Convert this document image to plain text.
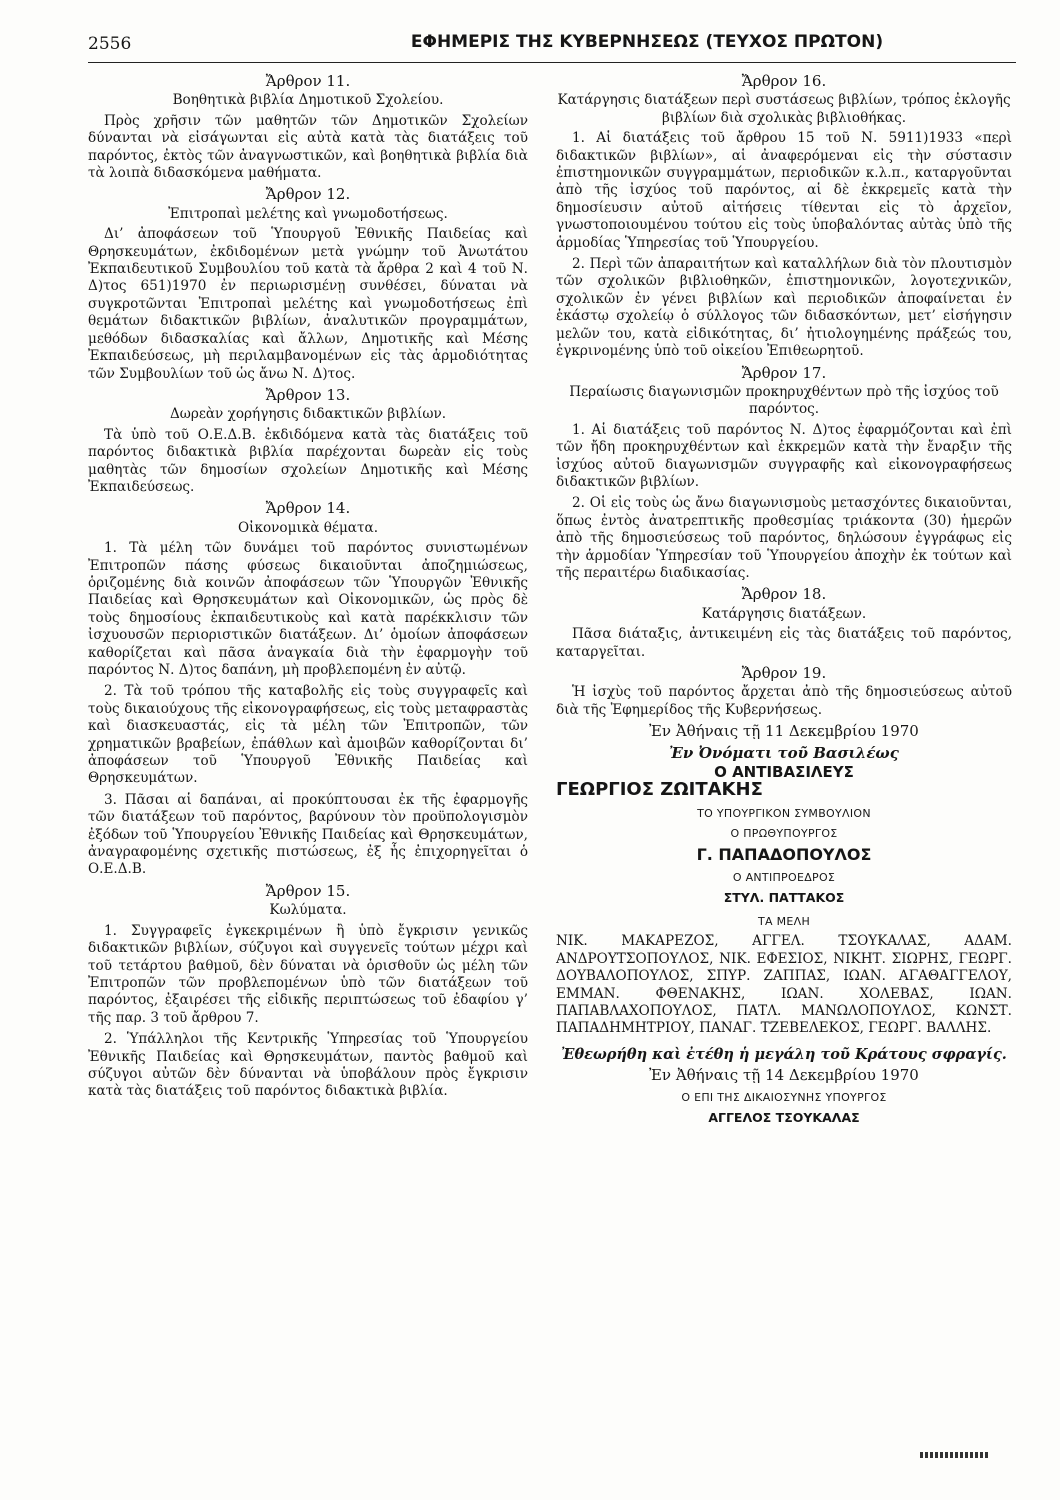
2556	ΕΦΗΜΕΡΙΣ ΤΗΣ ΚΥΒΕΡΝΗΣΕΩΣ (ΤΕΥΧΟΣ ΠΡΩΤΟΝ)
Ἄρθρον 11.
Βοηθητικὰ βιβλία Δημοτικοῦ Σχολείου.

Πρὸς χρῆσιν τῶν μαθητῶν τῶν Δημοτικῶν Σχολείων δύνανται νὰ εἰσάγωνται εἰς αὐτὰ κατὰ τὰς διατάξεις τοῦ παρόντος, ἐκτὸς τῶν ἀναγνωστικῶν, καὶ βοηθητικὰ βιβλία διὰ τὰ λοιπὰ διδασκόμενα μαθήματα.

Ἄρθρον 12.
Ἐπιτροπαὶ μελέτης καὶ γνωμοδοτήσεως.

Δι’ ἀποφάσεων τοῦ Ὑπουργοῦ Ἐθνικῆς Παιδείας καὶ Θρησκευμάτων, ἐκδιδομένων μετὰ γνώμην τοῦ Ἀνωτάτου Ἐκπαιδευτικοῦ Συμβουλίου τοῦ κατὰ τὰ ἄρθρα 2 καὶ 4 τοῦ Ν. Δ)τος 651)1970 ἐν περιωρισμένῃ συνθέσει, δύναται νὰ συγκροτῶνται Ἐπιτροπαὶ μελέτης καὶ γνωμοδοτήσεως ἐπὶ θεμάτων διδακτικῶν βιβλίων, ἀναλυτικῶν προγραμμάτων, μεθόδων διδασκαλίας καὶ ἄλλων, Δημοτικῆς καὶ Μέσης Ἐκπαιδεύσεως, μὴ περιλαμβανομένων εἰς τὰς ἁρμοδιότητας τῶν Συμβουλίων τοῦ ὡς ἄνω Ν. Δ)τος.

Ἄρθρον 13.
Δωρεὰν χορήγησις διδακτικῶν βιβλίων.

Τὰ ὑπὸ τοῦ Ο.Ε.Δ.Β. ἐκδιδόμενα κατὰ τὰς διατάξεις τοῦ παρόντος διδακτικὰ βιβλία παρέχονται δωρεὰν εἰς τοὺς μαθητὰς τῶν δημοσίων σχολείων Δημοτικῆς καὶ Μέσης Ἐκπαιδεύσεως.

Ἄρθρον 14.
Οἰκονομικὰ θέματα.

1. Τὰ μέλη τῶν δυνάμει τοῦ παρόντος συνιστωμένων Ἐπιτροπῶν πάσης φύσεως δικαιοῦνται ἀποζημιώσεως, ὁριζομένης διὰ κοινῶν ἀποφάσεων τῶν Ὑπουργῶν Ἐθνικῆς Παιδείας καὶ Θρησκευμάτων καὶ Οἰκονομικῶν, ὡς πρὸς δὲ τοὺς δημοσίους ἐκπαιδευτικοὺς καὶ κατὰ παρέκκλισιν τῶν ἰσχυουσῶν περιοριστικῶν διατάξεων. Δι’ ὁμοίων ἀποφάσεων καθορίζεται καὶ πᾶσα ἀναγκαία διὰ τὴν ἐφαρμογὴν τοῦ παρόντος Ν. Δ)τος δαπάνη, μὴ προβλεπομένη ἐν αὐτῷ.

2. Τὰ τοῦ τρόπου τῆς καταβολῆς εἰς τοὺς συγγραφεῖς καὶ τοὺς δικαιούχους τῆς εἰκονογραφήσεως, εἰς τοὺς μεταφραστὰς καὶ διασκευαστάς, εἰς τὰ μέλη τῶν Ἐπιτροπῶν, τῶν χρηματικῶν βραβείων, ἐπάθλων καὶ ἀμοιβῶν καθορίζονται δι’ ἀποφάσεων τοῦ Ὑπουργοῦ Ἐθνικῆς Παιδείας καὶ Θρησκευμάτων.

3. Πᾶσαι αἱ δαπάναι, αἱ προκύπτουσαι ἐκ τῆς ἐφαρμογῆς τῶν διατάξεων τοῦ παρόντος, βαρύνουν τὸν προϋπολογισμὸν ἐξόδων τοῦ Ὑπουργείου Ἐθνικῆς Παιδείας καὶ Θρησκευμάτων, ἀναγραφομένης σχετικῆς πιστώσεως, ἐξ ἧς ἐπιχορηγεῖται ὁ Ο.Ε.Δ.Β.

Ἄρθρον 15.
Κωλύματα.

1. Συγγραφεῖς ἐγκεκριμένων ἢ ὑπὸ ἔγκρισιν γενικῶς διδακτικῶν βιβλίων, σύζυγοι καὶ συγγενεῖς τούτων μέχρι καὶ τοῦ τετάρτου βαθμοῦ, δὲν δύναται νὰ ὁρισθοῦν ὡς μέλη τῶν Ἐπιτροπῶν τῶν προβλεπομένων ὑπὸ τῶν διατάξεων τοῦ παρόντος, ἐξαιρέσει τῆς εἰδικῆς περιπτώσεως τοῦ ἐδαφίου γ’ τῆς παρ. 3 τοῦ ἄρθρου 7.

2. Ὑπάλληλοι τῆς Κεντρικῆς Ὑπηρεσίας τοῦ Ὑπουργείου Ἐθνικῆς Παιδείας καὶ Θρησκευμάτων, παντὸς βαθμοῦ καὶ σύζυγοι αὐτῶν δὲν δύνανται νὰ ὑποβάλουν πρὸς ἔγκρισιν κατὰ τὰς διατάξεις τοῦ παρόντος διδακτικὰ βιβλία.

Ἄρθρον 16.
Κατάργησις διατάξεων περὶ συστάσεως βιβλίων, τρόπος ἐκλογῆς βιβλίων διὰ σχολικὰς βιβλιοθήκας.

1. Αἱ διατάξεις τοῦ ἄρθρου 15 τοῦ Ν. 5911)1933 «περὶ διδακτικῶν βιβλίων», αἱ ἀναφερόμεναι εἰς τὴν σύστασιν ἐπιστημονικῶν συγγραμμάτων, περιοδικῶν κ.λ.π., καταργοῦνται ἀπὸ τῆς ἰσχύος τοῦ παρόντος, αἱ δὲ ἐκκρεμεῖς κατὰ τὴν δημοσίευσιν αὐτοῦ αἰτήσεις τίθενται εἰς τὸ ἀρχεῖον, γνωστοποιουμένου τούτου εἰς τοὺς ὑποβαλόντας αὐτὰς ὑπὸ τῆς ἁρμοδίας Ὑπηρεσίας τοῦ Ὑπουργείου.

2. Περὶ τῶν ἀπαραιτήτων καὶ καταλλήλων διὰ τὸν πλουτισμὸν τῶν σχολικῶν βιβλιοθηκῶν, ἐπιστημονικῶν, λογοτεχνικῶν, σχολικῶν ἐν γένει βιβλίων καὶ περιοδικῶν ἀποφαίνεται ἐν ἑκάστῳ σχολείῳ ὁ σύλλογος τῶν διδασκόντων, μετ’ εἰσήγησιν μελῶν του, κατὰ εἰδικότητας, δι’ ἠτιολογημένης πράξεώς του, ἐγκρινομένης ὑπὸ τοῦ οἰκείου Ἐπιθεωρητοῦ.

Ἄρθρον 17.
Περαίωσις διαγωνισμῶν προκηρυχθέντων πρὸ τῆς ἰσχύος τοῦ παρόντος.

1. Αἱ διατάξεις τοῦ παρόντος Ν. Δ)τος ἐφαρμόζονται καὶ ἐπὶ τῶν ἤδη προκηρυχθέντων καὶ ἐκκρεμῶν κατὰ τὴν ἔναρξιν τῆς ἰσχύος αὐτοῦ διαγωνισμῶν συγγραφῆς καὶ εἰκονογραφήσεως διδακτικῶν βιβλίων.

2. Οἱ εἰς τοὺς ὡς ἄνω διαγωνισμοὺς μετασχόντες δικαιοῦνται, ὅπως ἐντὸς ἀνατρεπτικῆς προθεσμίας τριάκοντα (30) ἡμερῶν ἀπὸ τῆς δημοσιεύσεως τοῦ παρόντος, δηλώσουν ἐγγράφως εἰς τὴν ἁρμοδίαν Ὑπηρεσίαν τοῦ Ὑπουργείου ἀποχὴν ἐκ τούτων καὶ τῆς περαιτέρω διαδικασίας.

Ἄρθρον 18.
Κατάργησις διατάξεων.

Πᾶσα διάταξις, ἀντικειμένη εἰς τὰς διατάξεις τοῦ παρόντος, καταργεῖται.

Ἄρθρον 19.

Ἡ ἰσχὺς τοῦ παρόντος ἄρχεται ἀπὸ τῆς δημοσιεύσεως αὐτοῦ διὰ τῆς Ἐφημερίδος τῆς Κυβερνήσεως.

Ἐν Ἀθήναις τῇ 11 Δεκεμβρίου 1970
Ἐν Ὀνόματι τοῦ Βασιλέως
Ο ΑΝΤΙΒΑΣΙΛΕΥΣ
ΓΕΩΡΓΙΟΣ ΖΩΙΤΑΚΗΣ
ΤΟ ΥΠΟΥΡΓΙΚΟΝ ΣΥΜΒΟΥΛΙΟΝ
Ο ΠΡΩΘΥΠΟΥΡΓΟΣ
Γ. ΠΑΠΑΔΟΠΟΥΛΟΣ
Ο ΑΝΤΙΠΡΟΕΔΡΟΣ
ΣΤΥΛ. ΠΑΤΤΑΚΟΣ
ΤΑ ΜΕΛΗ

ΝΙΚ. ΜΑΚΑΡΕΖΟΣ, ΑΓΓΕΛ. ΤΣΟΥΚΑΛΑΣ, ΑΔΑΜ. ΑΝΔΡΟΥΤΣΟΠΟΥΛΟΣ, ΝΙΚ. ΕΦΕΣΙΟΣ, ΝΙΚΗΤ. ΣΙΩΡΗΣ, ΓΕΩΡΓ. ΔΟΥΒΑΛΟΠΟΥΛΟΣ, ΣΠΥΡ. ΖΑΠΠΑΣ, ΙΩΑΝ. ΑΓΑΘΑΓΓΕΛΟΥ, ΕΜΜΑΝ. ΦΘΕΝΑΚΗΣ, ΙΩΑΝ. ΧΟΛΕΒΑΣ, ΙΩΑΝ. ΠΑΠΑΒΛΑΧΟΠΟΥΛΟΣ, ΠΑΤΛ. ΜΑΝΩΛΟΠΟΥΛΟΣ, ΚΩΝΣΤ. ΠΑΠΑΔΗΜΗΤΡΙΟΥ, ΠΑΝΑΓ. ΤΖΕΒΕΛΕΚΟΣ, ΓΕΩΡΓ. ΒΑΛΛΗΣ.

Ἐθεωρήθη καὶ ἐτέθη ἡ μεγάλη τοῦ Κράτους σφραγίς.
Ἐν Ἀθήναις τῇ 14 Δεκεμβρίου 1970
Ο ΕΠΙ ΤΗΣ ΔΙΚΑΙΟΣΥΝΗΣ ΥΠΟΥΡΓΟΣ
ΑΓΓΕΛΟΣ ΤΣΟΥΚΑΛΑΣ
